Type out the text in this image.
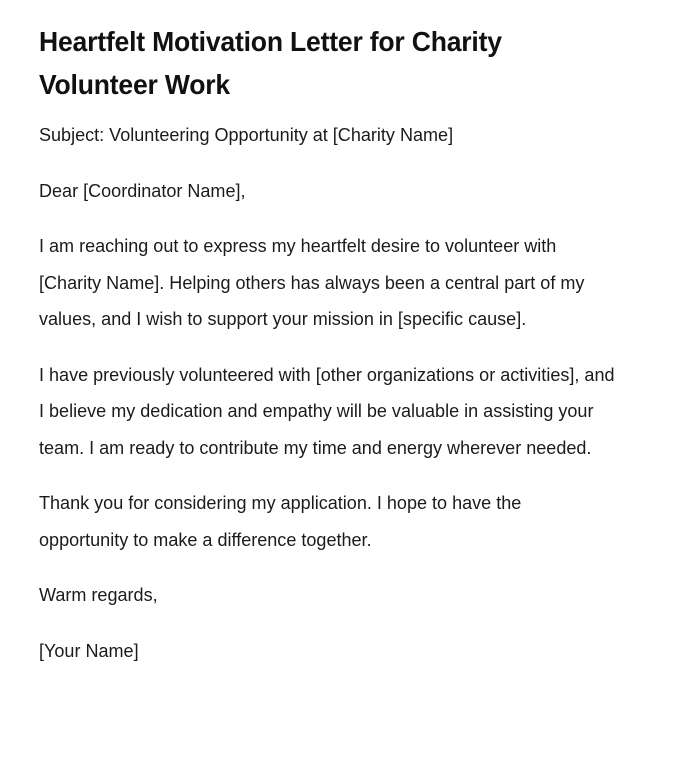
Heartfelt Motivation Letter for Charity Volunteer Work

Subject: Volunteering Opportunity at [Charity Name]

Dear [Coordinator Name],

I am reaching out to express my heartfelt desire to volunteer with [Charity Name]. Helping others has always been a central part of my values, and I wish to support your mission in [specific cause].

I have previously volunteered with [other organizations or activities], and I believe my dedication and empathy will be valuable in assisting your team. I am ready to contribute my time and energy wherever needed.

Thank you for considering my application. I hope to have the opportunity to make a difference together.

Warm regards,

[Your Name]
